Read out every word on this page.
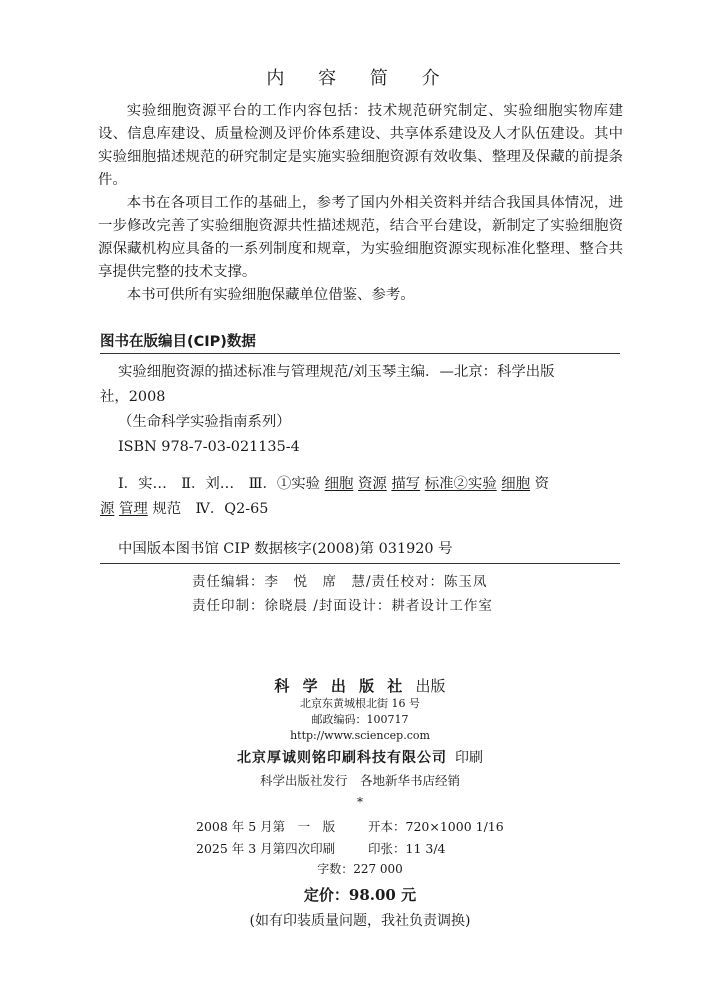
内 容 简 介

实验细胞资源平台的工作内容包括：技术规范研究制定、实验细胞实物库建设、信息库建设、质量检测及评价体系建设、共享体系建设及人才队伍建设。其中实验细胞描述规范的研究制定是实施实验细胞资源有效收集、整理及保藏的前提条件。

本书在各项目工作的基础上，参考了国内外相关资料并结合我国具体情况，进一步修改完善了实验细胞资源共性描述规范，结合平台建设，新制定了实验细胞资源保藏机构应具备的一系列制度和规章，为实验细胞资源实现标准化整理、整合共享提供完整的技术支撑。

本书可供所有实验细胞保藏单位借鉴、参考。

图书在版编目(CIP)数据
实验细胞资源的描述标准与管理规范/刘玉琴主编．—北京：科学出版
社，2008
（生命科学实验指南系列）
ISBN 978-7-03-021135-4
Ⅰ．实…　Ⅱ．刘…　Ⅲ．①实验 细胞 资源 描写 标准②实验 细胞 资
源 管理 规范　Ⅳ．Q2-65
中国版本图书馆 CIP 数据核字(2008)第 031920 号
责任编辑：李　悦　席　慧/责任校对：陈玉凤
责任印制：徐晓晨 /封面设计：耕者设计工作室
科 学 出 版 社 出版
北京东黄城根北街 16 号
邮政编码：100717
http://www.sciencep.com
北京厚诚则铭印刷科技有限公司 印刷
科学出版社发行　各地新华书店经销
*
2008 年 5 月第　一　版	开本：720×1000 1/16
2025 年 3 月第四次印刷	印张：11 3/4
字数：227 000
定价：98.00 元
(如有印装质量问题，我社负责调换)
